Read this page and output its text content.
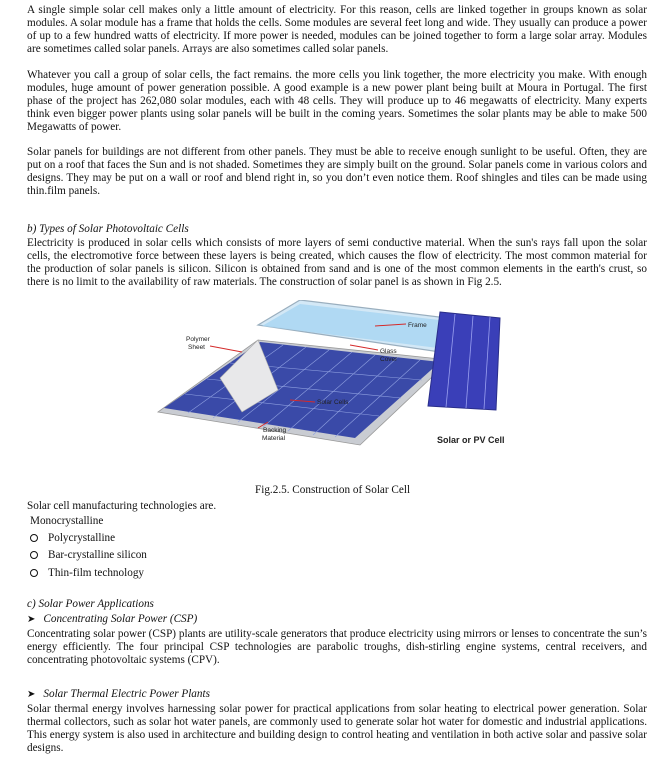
A single simple solar cell makes only a little amount of electricity. For this reason, cells are linked together in groups known as solar modules. A solar module has a frame that holds the cells. Some modules are several feet long and wide. They usually can produce a power of up to a few hundred watts of electricity. If more power is needed, modules can be joined together to form a large solar array. Modules are sometimes called solar panels. Arrays are also sometimes called solar panels.

Whatever you call a group of solar cells, the fact remains. the more cells you link together, the more electricity you make. With enough modules, huge amount of power generation possible. A good example is a new power plant being built at Moura in Portugal. The first phase of the project has 262,080 solar modules, each with 48 cells. They will produce up to 46 megawatts of electricity. Many experts think even bigger power plants using solar panels will be built in the coming years. Sometimes the solar plants may be able to make 500 Megawatts of power.

Solar panels for buildings are not different from other panels. They must be able to receive enough sunlight to be useful. Often, they are put on a roof that faces the Sun and is not shaded. Sometimes they are simply built on the ground. Solar panels come in various colors and designs. They may be put on a wall or roof and blend right in, so you don’t even notice them. Roof shingles and tiles can be made using thin.film panels.

b) Types of Solar Photovoltaic Cells

Electricity is produced in solar cells which consists of more layers of semi conductive material. When the sun's rays fall upon the solar cells, the electromotive force between these layers is being created, which causes the flow of electricity. The most common material for the production of solar panels is silicon. Silicon is obtained from sand and is one of the most common elements in the earth's crust, so there is no limit to the availability of raw materials. The construction of solar panel is as shown in Fig 2.5.

Polymer
Sheet
Frame
Glass
Cover
Solar Cells
Backing
Material	Solar or PV Cell
Fig.2.5. Construction of Solar Cell

Solar cell manufacturing technologies are.

Monocrystalline

Polycrystalline

Bar-crystalline silicon

Thin-film technology

c) Solar Power Applications

➤ Concentrating Solar Power (CSP)

Concentrating solar power (CSP) plants are utility-scale generators that produce electricity using mirrors or lenses to concentrate the sun’s energy efficiently. The four principal CSP technologies are parabolic troughs, dish-stirling engine systems, central receivers, and concentrating photovoltaic systems (CPV).

➤ Solar Thermal Electric Power Plants

Solar thermal energy involves harnessing solar power for practical applications from solar heating to electrical power generation. Solar thermal collectors, such as solar hot water panels, are commonly used to generate solar hot water for domestic and industrial applications. This energy system is also used in architecture and building design to control heating and ventilation in both active solar and passive solar designs.
